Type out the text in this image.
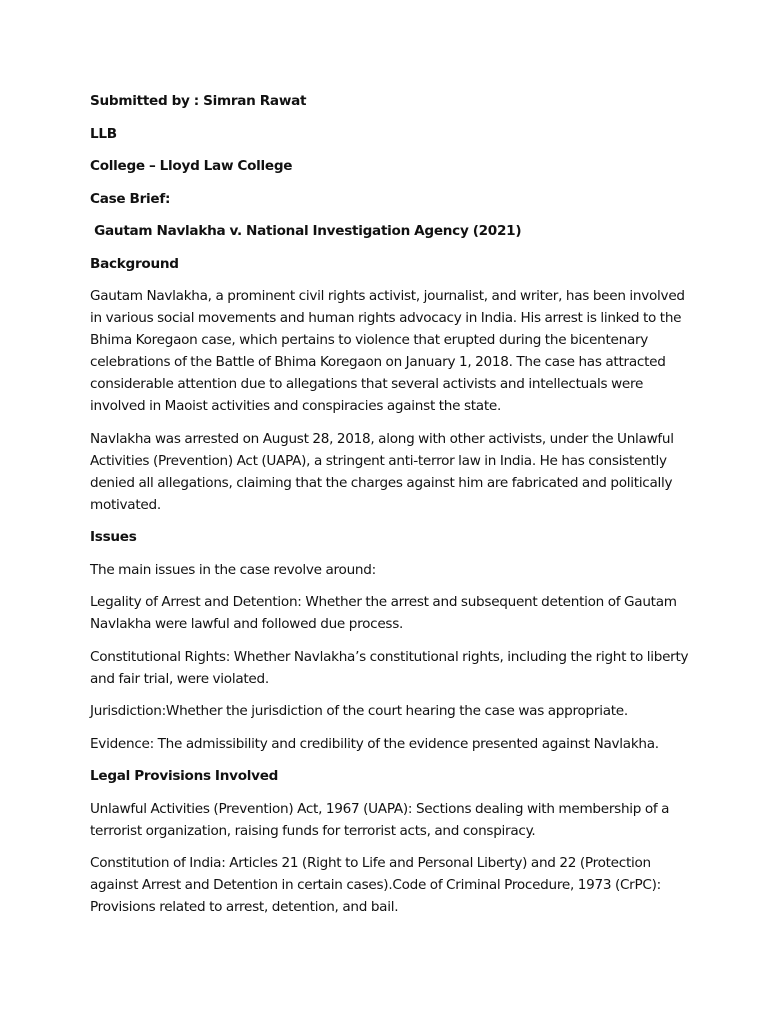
Submitted by : Simran Rawat

LLB

College – Lloyd Law College

Case Brief:

Gautam Navlakha v. National Investigation Agency (2021)

Background

Gautam Navlakha, a prominent civil rights activist, journalist, and writer, has been involved in various social movements and human rights advocacy in India. His arrest is linked to the Bhima Koregaon case, which pertains to violence that erupted during the bicentenary celebrations of the Battle of Bhima Koregaon on January 1, 2018. The case has attracted considerable attention due to allegations that several activists and intellectuals were involved in Maoist activities and conspiracies against the state.

Navlakha was arrested on August 28, 2018, along with other activists, under the Unlawful Activities (Prevention) Act (UAPA), a stringent anti-terror law in India. He has consistently denied all allegations, claiming that the charges against him are fabricated and politically motivated.

Issues

The main issues in the case revolve around:

Legality of Arrest and Detention: Whether the arrest and subsequent detention of Gautam Navlakha were lawful and followed due process.

Constitutional Rights: Whether Navlakha’s constitutional rights, including the right to liberty and fair trial, were violated.

Jurisdiction:Whether the jurisdiction of the court hearing the case was appropriate.

Evidence: The admissibility and credibility of the evidence presented against Navlakha.

Legal Provisions Involved

Unlawful Activities (Prevention) Act, 1967 (UAPA): Sections dealing with membership of a terrorist organization, raising funds for terrorist acts, and conspiracy.

Constitution of India: Articles 21 (Right to Life and Personal Liberty) and 22 (Protection against Arrest and Detention in certain cases).Code of Criminal Procedure, 1973 (CrPC): Provisions related to arrest, detention, and bail.
